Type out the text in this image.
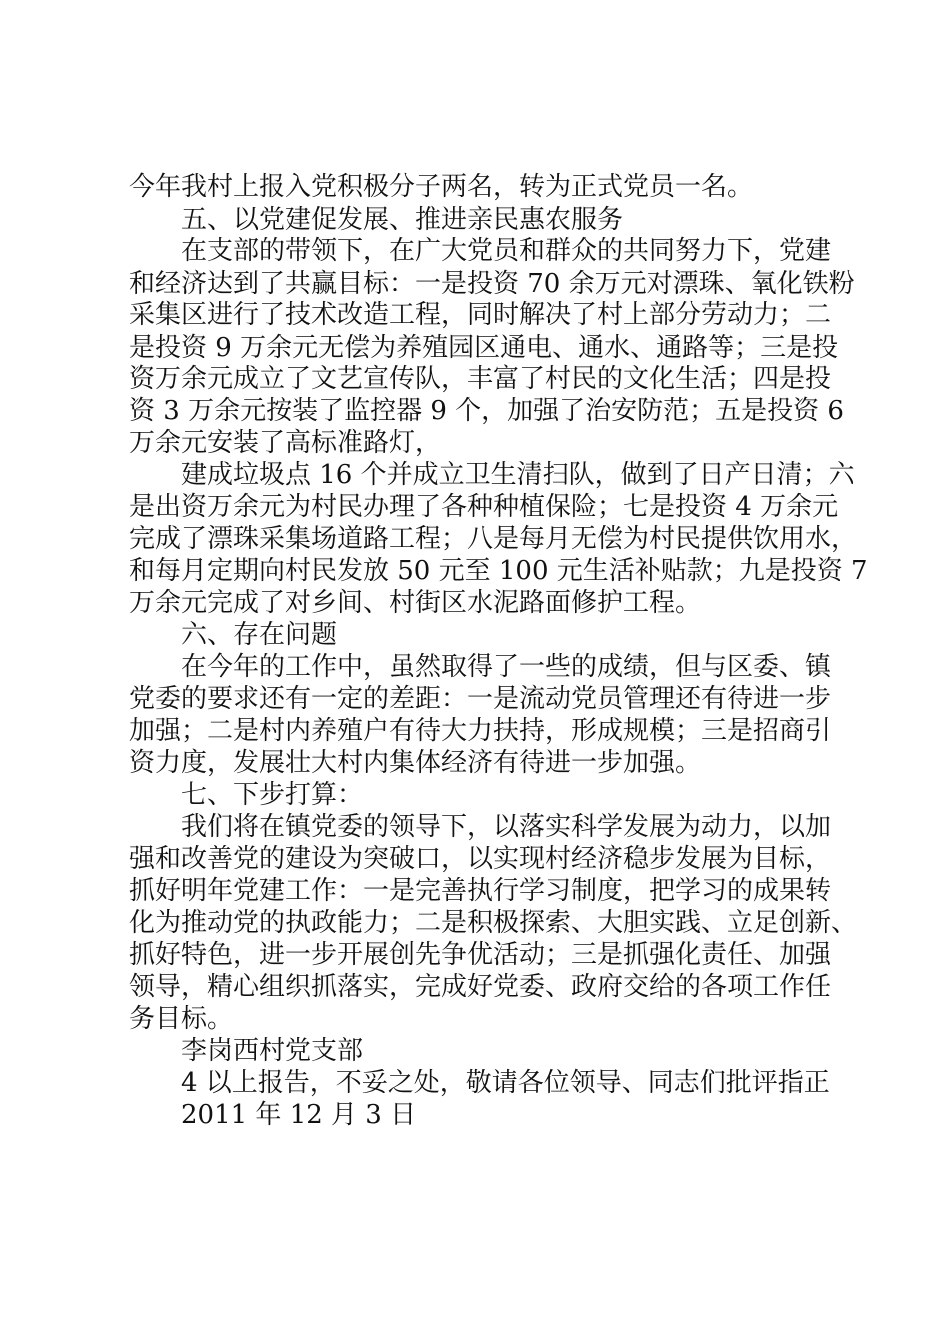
今年我村上报入党积极分子两名，转为正式党员一名。

五、以党建促发展、推进亲民惠农服务

在支部的带领下，在广大党员和群众的共同努力下，党建

和经济达到了共赢目标：一是投资 70 余万元对漂珠、氧化铁粉

采集区进行了技术改造工程，同时解决了村上部分劳动力；二

是投资 9 万余元无偿为养殖园区通电、通水、通路等；三是投

资万余元成立了文艺宣传队，丰富了村民的文化生活；四是投

资 3 万余元按装了监控器 9 个，加强了治安防范；五是投资 6

万余元安装了高标准路灯，

建成垃圾点 16 个并成立卫生清扫队，做到了日产日清；六

是出资万余元为村民办理了各种种植保险；七是投资 4 万余元

完成了漂珠采集场道路工程；八是每月无偿为村民提供饮用水，

和每月定期向村民发放 50 元至 100 元生活补贴款；九是投资 7

万余元完成了对乡间、村街区水泥路面修护工程。

六、存在问题

在今年的工作中，虽然取得了一些的成绩，但与区委、镇

党委的要求还有一定的差距：一是流动党员管理还有待进一步

加强；二是村内养殖户有待大力扶持，形成规模；三是招商引

资力度，发展壮大村内集体经济有待进一步加强。

七、下步打算：

我们将在镇党委的领导下，以落实科学发展为动力，以加

强和改善党的建设为突破口，以实现村经济稳步发展为目标，

抓好明年党建工作：一是完善执行学习制度，把学习的成果转

化为推动党的执政能力；二是积极探索、大胆实践、立足创新、

抓好特色，进一步开展创先争优活动；三是抓强化责任、加强

领导，精心组织抓落实，完成好党委、政府交给的各项工作任

务目标。

李岗西村党支部

4 以上报告，不妥之处，敬请各位领导、同志们批评指正

2011 年 12 月 3 日
